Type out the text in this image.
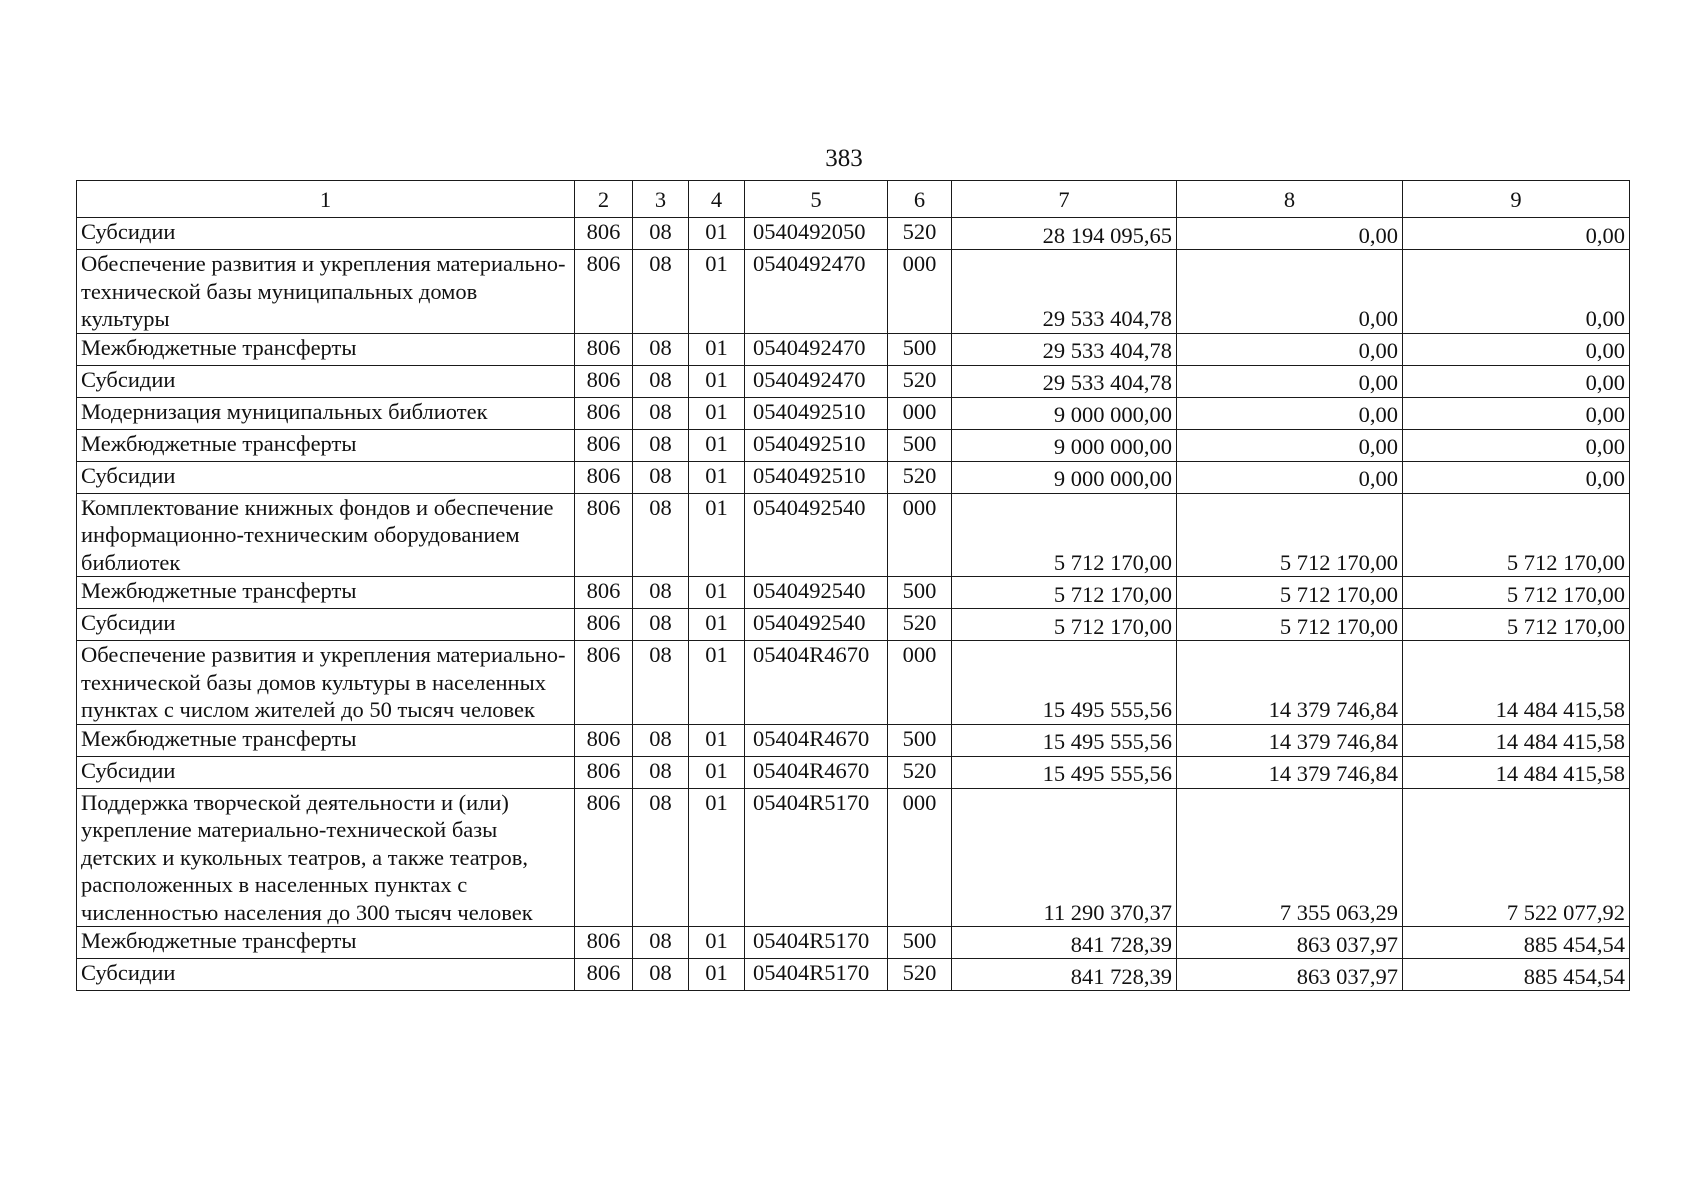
383
1	2	3	4	5	6	7	8	9
Субсидии	806	08	01	0540492050	520	28 194 095,65	0,00	0,00
Обеспечение развития и укрепления материально-технической базы муниципальных домов культуры	806	08	01	0540492470	000	29 533 404,78	0,00	0,00
Межбюджетные трансферты	806	08	01	0540492470	500	29 533 404,78	0,00	0,00
Субсидии	806	08	01	0540492470	520	29 533 404,78	0,00	0,00
Модернизация муниципальных библиотек	806	08	01	0540492510	000	9 000 000,00	0,00	0,00
Межбюджетные трансферты	806	08	01	0540492510	500	9 000 000,00	0,00	0,00
Субсидии	806	08	01	0540492510	520	9 000 000,00	0,00	0,00
Комплектование книжных фондов и обеспечение информационно-техническим оборудованием библиотек	806	08	01	0540492540	000	5 712 170,00	5 712 170,00	5 712 170,00
Межбюджетные трансферты	806	08	01	0540492540	500	5 712 170,00	5 712 170,00	5 712 170,00
Субсидии	806	08	01	0540492540	520	5 712 170,00	5 712 170,00	5 712 170,00
Обеспечение развития и укрепления материально-технической базы домов культуры в населенных пунктах с числом жителей до 50 тысяч человек	806	08	01	05404R4670	000	15 495 555,56	14 379 746,84	14 484 415,58
Межбюджетные трансферты	806	08	01	05404R4670	500	15 495 555,56	14 379 746,84	14 484 415,58
Субсидии	806	08	01	05404R4670	520	15 495 555,56	14 379 746,84	14 484 415,58
Поддержка творческой деятельности и (или) укрепление материально-технической базы детских и кукольных театров, а также театров, расположенных в населенных пунктах с численностью населения до 300 тысяч человек	806	08	01	05404R5170	000	11 290 370,37	7 355 063,29	7 522 077,92
Межбюджетные трансферты	806	08	01	05404R5170	500	841 728,39	863 037,97	885 454,54
Субсидии	806	08	01	05404R5170	520	841 728,39	863 037,97	885 454,54
